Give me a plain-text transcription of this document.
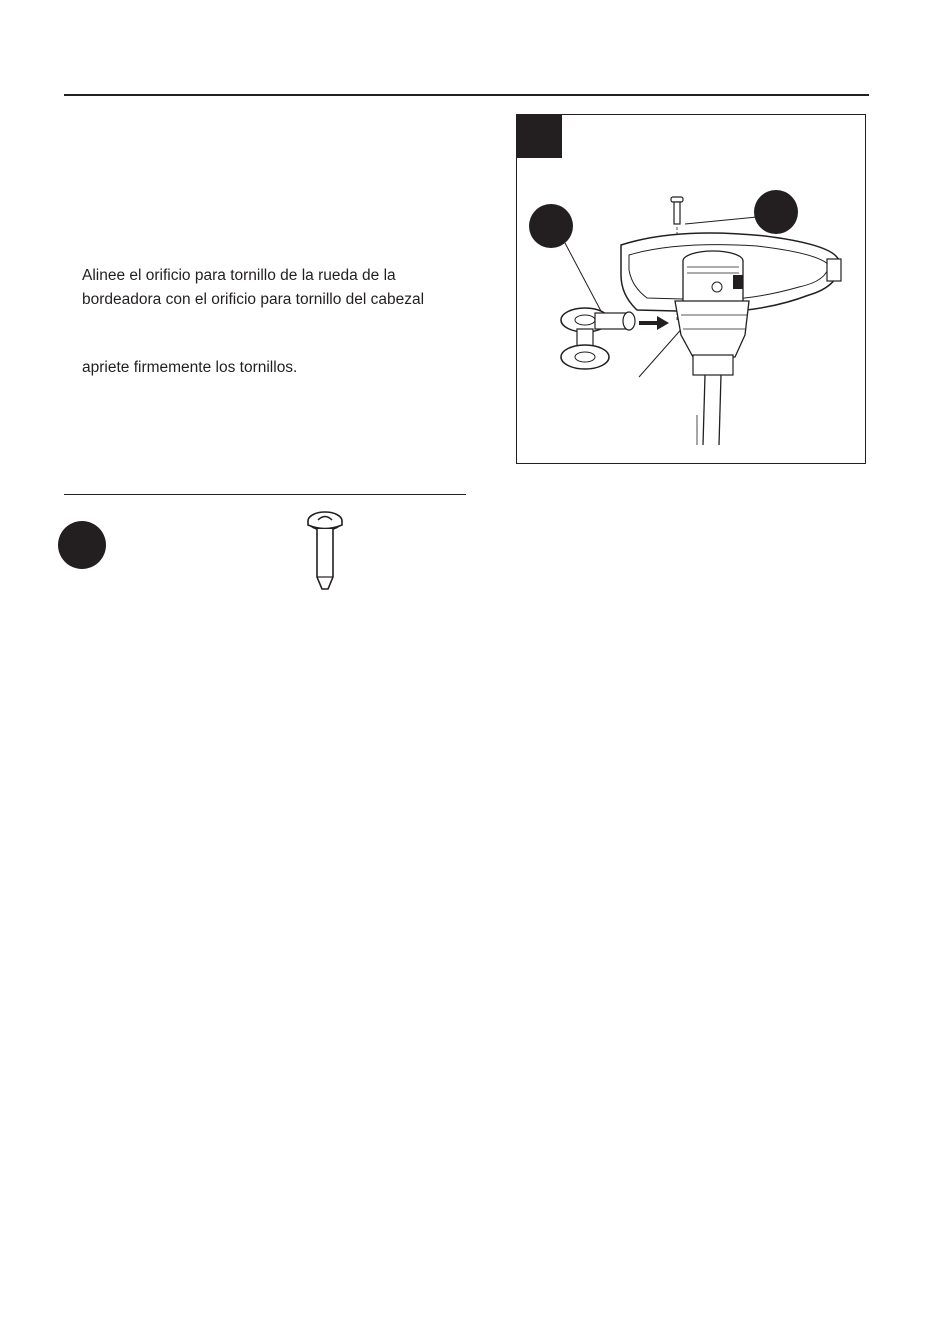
Alinee el orificio para tornillo de la rueda de la
bordeadora con el orificio para tornillo del cabezal
apriete firmemente los tornillos.
